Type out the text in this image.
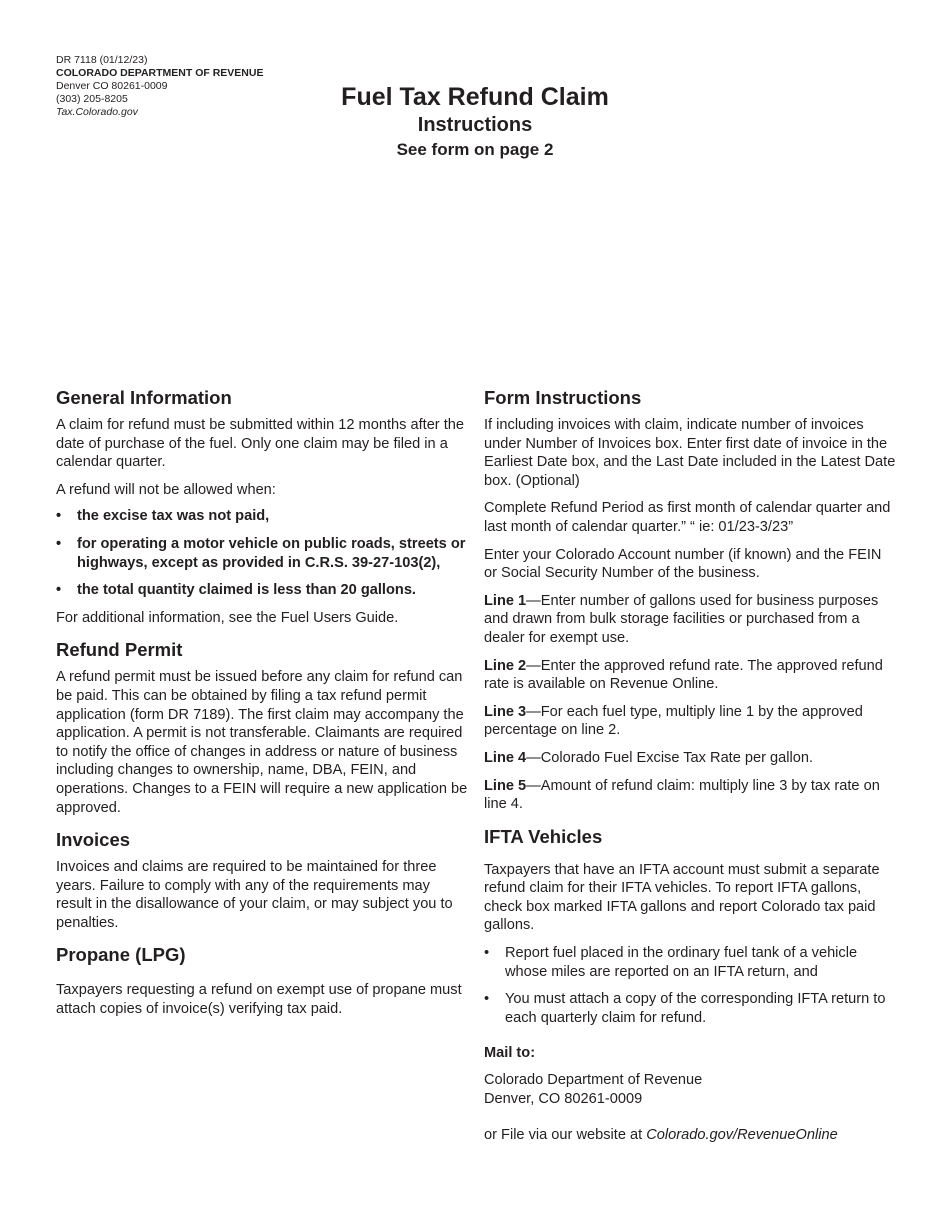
DR 7118 (01/12/23)
COLORADO DEPARTMENT OF REVENUE
Denver CO 80261-0009
(303) 205-8205
Tax.Colorado.gov
Fuel Tax Refund Claim
Instructions
See form on page 2
General Information

A claim for refund must be submitted within 12 months after the date of purchase of the fuel. Only one claim may be filed in a calendar quarter.

A refund will not be allowed when:

• the excise tax was not paid,
• for operating a motor vehicle on public roads, streets or highways, except as provided in C.R.S. 39-27-103(2),
• the total quantity claimed is less than 20 gallons.

For additional information, see the Fuel Users Guide.

Refund Permit

A refund permit must be issued before any claim for refund can be paid. This can be obtained by filing a tax refund permit application (form DR 7189). The first claim may accompany the application. A permit is not transferable. Claimants are required to notify the office of changes in address or nature of business including changes to ownership, name, DBA, FEIN, and operations. Changes to a FEIN will require a new application be approved.

Invoices

Invoices and claims are required to be maintained for three years. Failure to comply with any of the requirements may result in the disallowance of your claim, or may subject you to penalties.

Propane (LPG)

Taxpayers requesting a refund on exempt use of propane must attach copies of invoice(s) verifying tax paid.

Form Instructions

If including invoices with claim, indicate number of invoices under Number of Invoices box. Enter first date of invoice in the Earliest Date box, and the Last Date included in the Latest Date box. (Optional)

Complete Refund Period as first month of calendar quarter and last month of calendar quarter.” “ ie: 01/23-3/23”

Enter your Colorado Account number (if known) and the FEIN or Social Security Number of the business.

Line 1—Enter number of gallons used for business purposes and drawn from bulk storage facilities or purchased from a dealer for exempt use.

Line 2—Enter the approved refund rate. The approved refund rate is available on Revenue Online.

Line 3—For each fuel type, multiply line 1 by the approved percentage on line 2.

Line 4—Colorado Fuel Excise Tax Rate per gallon.

Line 5—Amount of refund claim: multiply line 3 by tax rate on line 4.

IFTA Vehicles

Taxpayers that have an IFTA account must submit a separate refund claim for their IFTA vehicles. To report IFTA gallons, check box marked IFTA gallons and report Colorado tax paid gallons.

• Report fuel placed in the ordinary fuel tank of a vehicle whose miles are reported on an IFTA return, and
• You must attach a copy of the corresponding IFTA return to each quarterly claim for refund.

Mail to:

Colorado Department of Revenue

Denver, CO 80261-0009

or File via our website at Colorado.gov/RevenueOnline
